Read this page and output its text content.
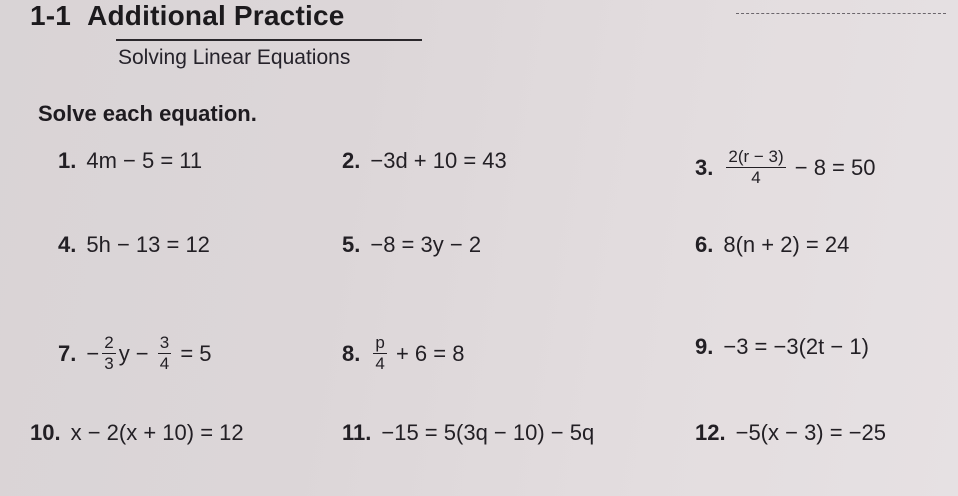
1-1 Additional Practice
Solving Linear Equations
Solve each equation.
1. 4m − 5 = 11	2. −3d + 10 = 43	3. $\frac{2(r - 3)}{4} - 8 = 50$
4. 5h − 13 = 12	5. −8 = 3y − 2	6. 8(n + 2) = 24
7. − $\frac{2}{3}$ $y - \frac{3}{4} = 5$	8. $\frac{p}{4} + 6 = 8$	9. −3 = −3(2t − 1)
10. x − 2(x + 10) = 12	11. −15 = 5(3q − 10) − 5q	12. −5(x − 3) = −25
